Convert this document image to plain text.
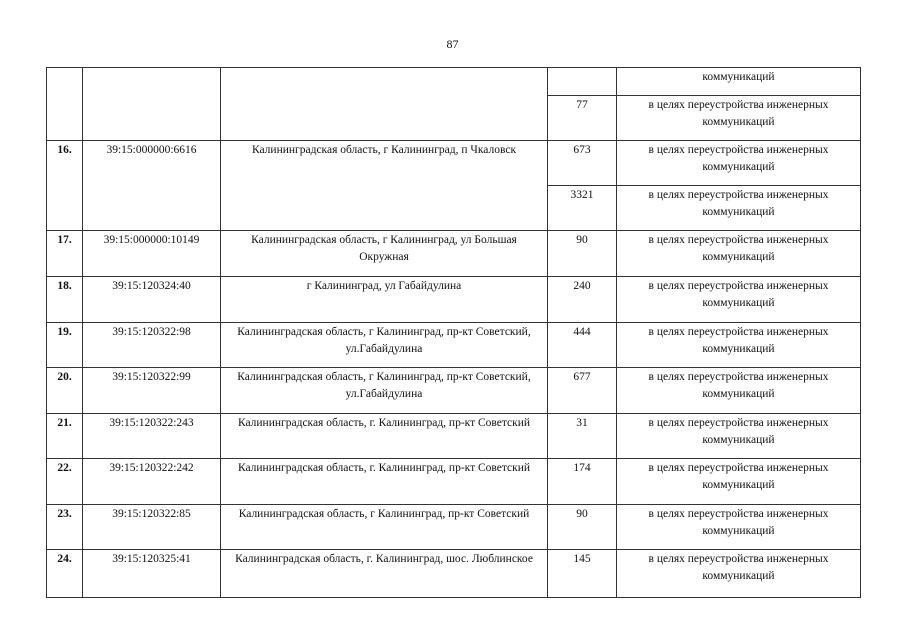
87
				коммуникаций
			77	в целях переустройства инженерных коммуникаций
16.	39:15:000000:6616	Калининградская область, г Калининград, п Чкаловск	673	в целях переустройства инженерных коммуникаций
			3321	в целях переустройства инженерных коммуникаций
17.	39:15:000000:10149	Калининградская область, г Калининград, ул Большая Окружная	90	в целях переустройства инженерных коммуникаций
18.	39:15:120324:40	г Калининград, ул Габайдулина	240	в целях переустройства инженерных коммуникаций
19.	39:15:120322:98	Калининградская область, г Калининград, пр-кт Советский, ул.Габайдулина	444	в целях переустройства инженерных коммуникаций
20.	39:15:120322:99	Калининградская область, г Калининград, пр-кт Советский, ул.Габайдулина	677	в целях переустройства инженерных коммуникаций
21.	39:15:120322:243	Калининградская область, г. Калининград, пр-кт Советский	31	в целях переустройства инженерных коммуникаций
22.	39:15:120322:242	Калининградская область, г. Калининград, пр-кт Советский	174	в целях переустройства инженерных коммуникаций
23.	39:15:120322:85	Калининградская область, г Калининград, пр-кт Советский	90	в целях переустройства инженерных коммуникаций
24.	39:15:120325:41	Калининградская область, г. Калининград, шос. Люблинское	145	в целях переустройства инженерных коммуникаций
